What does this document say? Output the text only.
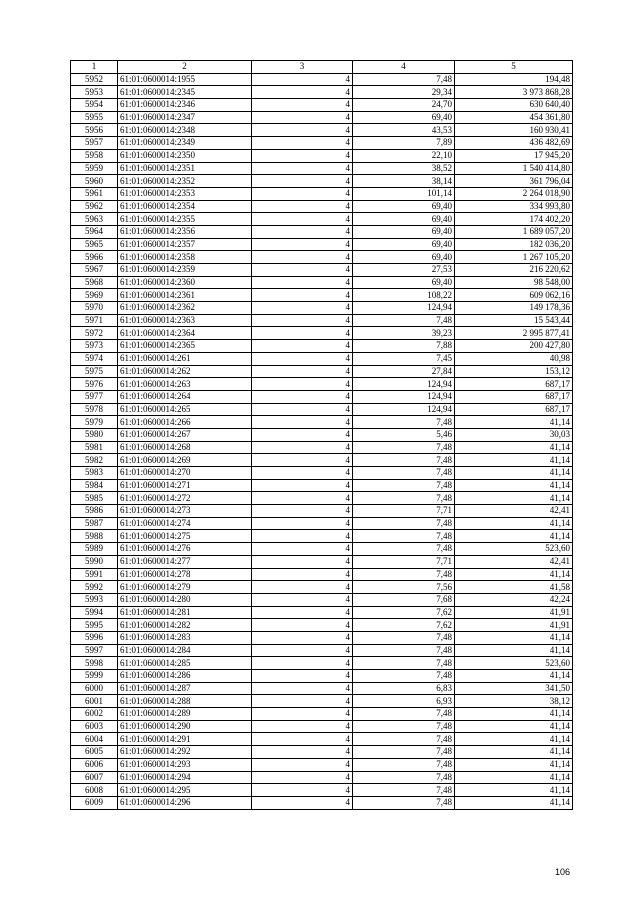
1	2	3	4	5
5952	61:01:0600014:1955	4	7,48	194,48
5953	61:01:0600014:2345	4	29,34	3 973 868,28
5954	61:01:0600014:2346	4	24,70	630 640,40
5955	61:01:0600014:2347	4	69,40	454 361,80
5956	61:01:0600014:2348	4	43,53	160 930,41
5957	61:01:0600014:2349	4	7,89	436 482,69
5958	61:01:0600014:2350	4	22,10	17 945,20
5959	61:01:0600014:2351	4	38,52	1 540 414,80
5960	61:01:0600014:2352	4	38,14	361 796,04
5961	61:01:0600014:2353	4	101,14	2 264 018,90
5962	61:01:0600014:2354	4	69,40	334 993,80
5963	61:01:0600014:2355	4	69,40	174 402,20
5964	61:01:0600014:2356	4	69,40	1 689 057,20
5965	61:01:0600014:2357	4	69,40	182 036,20
5966	61:01:0600014:2358	4	69,40	1 267 105,20
5967	61:01:0600014:2359	4	27,53	216 220,62
5968	61:01:0600014:2360	4	69,40	98 548,00
5969	61:01:0600014:2361	4	108,22	609 062,16
5970	61:01:0600014:2362	4	124,94	149 178,36
5971	61:01:0600014:2363	4	7,48	15 543,44
5972	61:01:0600014:2364	4	39,23	2 995 877,41
5973	61:01:0600014:2365	4	7,88	200 427,80
5974	61:01:0600014:261	4	7,45	40,98
5975	61:01:0600014:262	4	27,84	153,12
5976	61:01:0600014:263	4	124,94	687,17
5977	61:01:0600014:264	4	124,94	687,17
5978	61:01:0600014:265	4	124,94	687,17
5979	61:01:0600014:266	4	7,48	41,14
5980	61:01:0600014:267	4	5,46	30,03
5981	61:01:0600014:268	4	7,48	41,14
5982	61:01:0600014:269	4	7,48	41,14
5983	61:01:0600014:270	4	7,48	41,14
5984	61:01:0600014:271	4	7,48	41,14
5985	61:01:0600014:272	4	7,48	41,14
5986	61:01:0600014:273	4	7,71	42,41
5987	61:01:0600014:274	4	7,48	41,14
5988	61:01:0600014:275	4	7,48	41,14
5989	61:01:0600014:276	4	7,48	523,60
5990	61:01:0600014:277	4	7,71	42,41
5991	61:01:0600014:278	4	7,48	41,14
5992	61:01:0600014:279	4	7,56	41,58
5993	61:01:0600014:280	4	7,68	42,24
5994	61:01:0600014:281	4	7,62	41,91
5995	61:01:0600014:282	4	7,62	41,91
5996	61:01:0600014:283	4	7,48	41,14
5997	61:01:0600014:284	4	7,48	41,14
5998	61:01:0600014:285	4	7,48	523,60
5999	61:01:0600014:286	4	7,48	41,14
6000	61:01:0600014:287	4	6,83	341,50
6001	61:01:0600014:288	4	6,93	38,12
6002	61:01:0600014:289	4	7,48	41,14
6003	61:01:0600014:290	4	7,48	41,14
6004	61:01:0600014:291	4	7,48	41,14
6005	61:01:0600014:292	4	7,48	41,14
6006	61:01:0600014:293	4	7,48	41,14
6007	61:01:0600014:294	4	7,48	41,14
6008	61:01:0600014:295	4	7,48	41,14
6009	61:01:0600014:296	4	7,48	41,14
106
